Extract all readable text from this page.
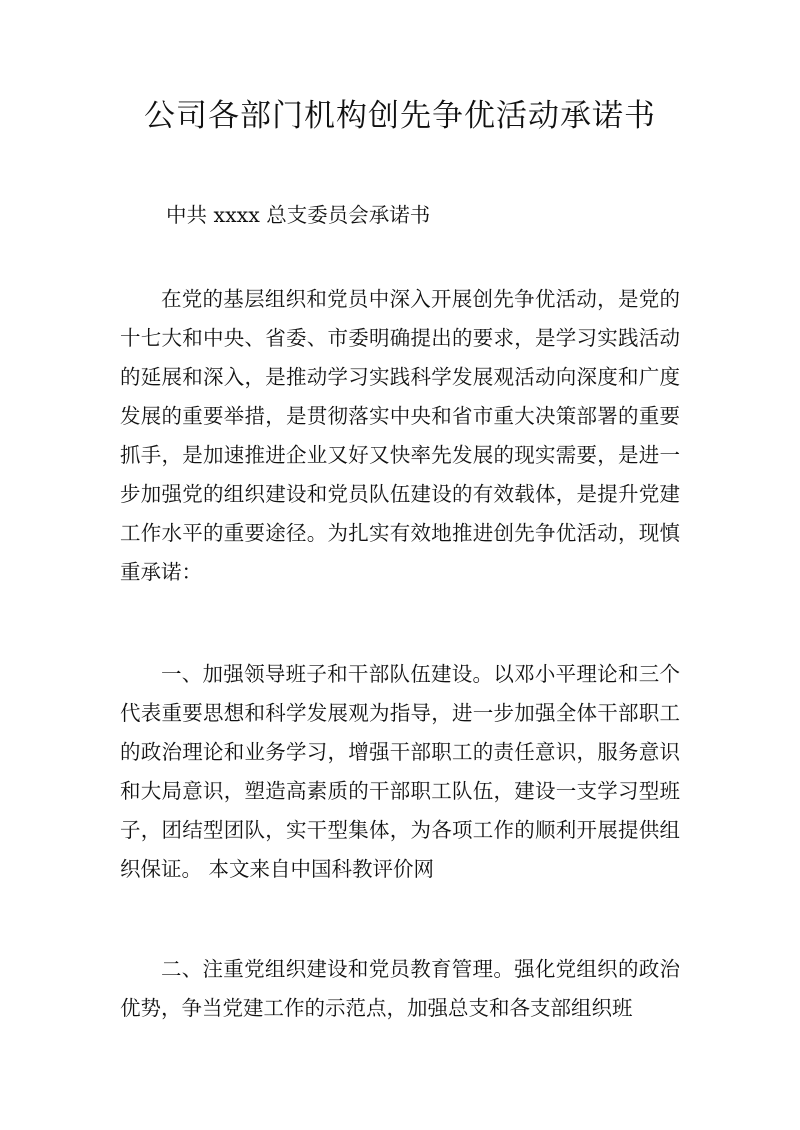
公司各部门机构创先争优活动承诺书

中共 xxxx 总支委员会承诺书

在党的基层组织和党员中深入开展创先争优活动，是党的十七大和中央、省委、市委明确提出的要求，是学习实践活动的延展和深入，是推动学习实践科学发展观活动向深度和广度发展的重要举措，是贯彻落实中央和省市重大决策部署的重要抓手，是加速推进企业又好又快率先发展的现实需要，是进一步加强党的组织建设和党员队伍建设的有效载体，是提升党建工作水平的重要途径。为扎实有效地推进创先争优活动，现慎重承诺：

一、加强领导班子和干部队伍建设。以邓小平理论和三个代表重要思想和科学发展观为指导，进一步加强全体干部职工的政治理论和业务学习，增强干部职工的责任意识，服务意识和大局意识，塑造高素质的干部职工队伍，建设一支学习型班子，团结型团队，实干型集体，为各项工作的顺利开展提供组织保证。 本文来自中国科教评价网

二、注重党组织建设和党员教育管理。强化党组织的政治优势，争当党建工作的示范点，加强总支和各支部组织班
